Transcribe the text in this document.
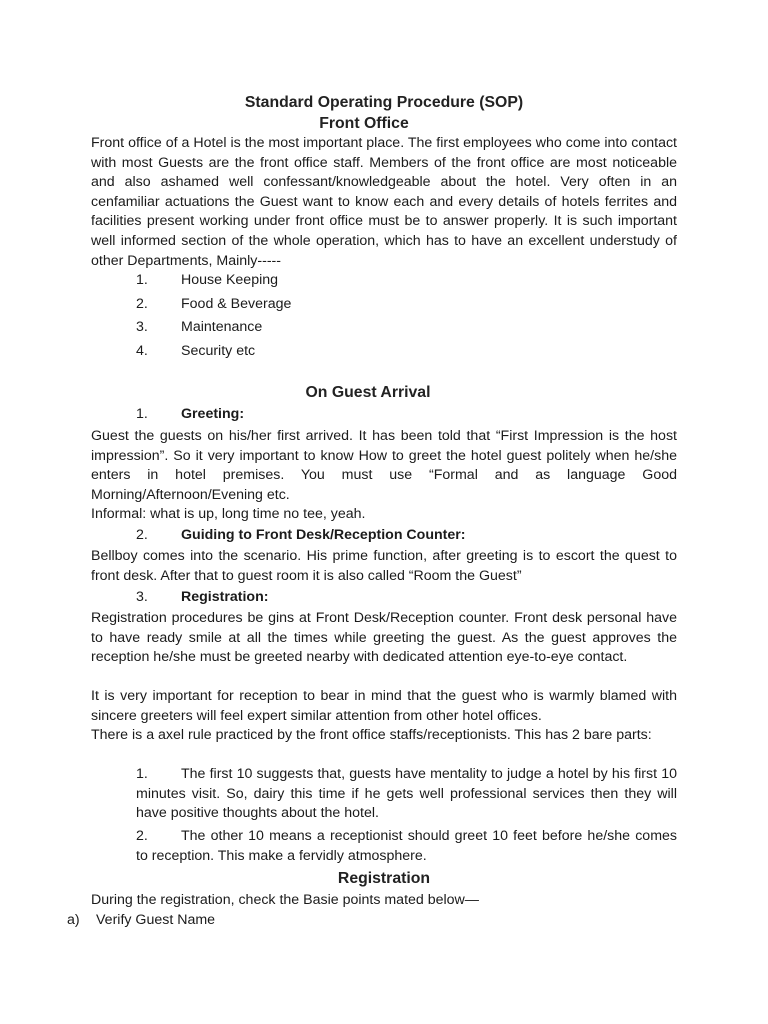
Standard Operating Procedure (SOP)
Front Office
Front office of a Hotel is the most important place. The first employees who come into contact with most Guests are the front office staff. Members of the front office are most noticeable and also ashamed well confessant/knowledgeable about the hotel. Very often in an cenfamiliar actuations the Guest want to know each and every details of hotels ferrites and facilities present working under front office must be to answer properly. It is such important well informed section of the whole operation, which has to have an excellent understudy of other Departments, Mainly-----
1. House Keeping
2. Food & Beverage
3. Maintenance
4. Security etc
On Guest Arrival
1. Greeting:
Guest the guests on his/her first arrived. It has been told that “First Impression is the host impression”. So it very important to know How to greet the hotel guest politely when he/she enters in hotel premises. You must use “Formal and as language Good Morning/Afternoon/Evening etc.
Informal: what is up, long time no tee, yeah.
2. Guiding to Front Desk/Reception Counter:
Bellboy comes into the scenario. His prime function, after greeting is to escort the quest to front desk. After that to guest room it is also called “Room the Guest”
3. Registration:
Registration procedures be gins at Front Desk/Reception counter. Front desk personal have to have ready smile at all the times while greeting the guest. As the guest approves the reception he/she must be greeted nearby with dedicated attention eye-to-eye contact.
It is very important for reception to bear in mind that the guest who is warmly blamed with sincere greeters will feel expert similar attention from other hotel offices.
There is a axel rule practiced by the front office staffs/receptionists. This has 2 bare parts:
1. The first 10 suggests that, guests have mentality to judge a hotel by his first 10 minutes visit. So, dairy this time if he gets well professional services then they will have positive thoughts about the hotel.
2. The other 10 means a receptionist should greet 10 feet before he/she comes to reception. This make a fervidly atmosphere.
Registration
During the registration, check the Basie points mated below—
a) Verify Guest Name
